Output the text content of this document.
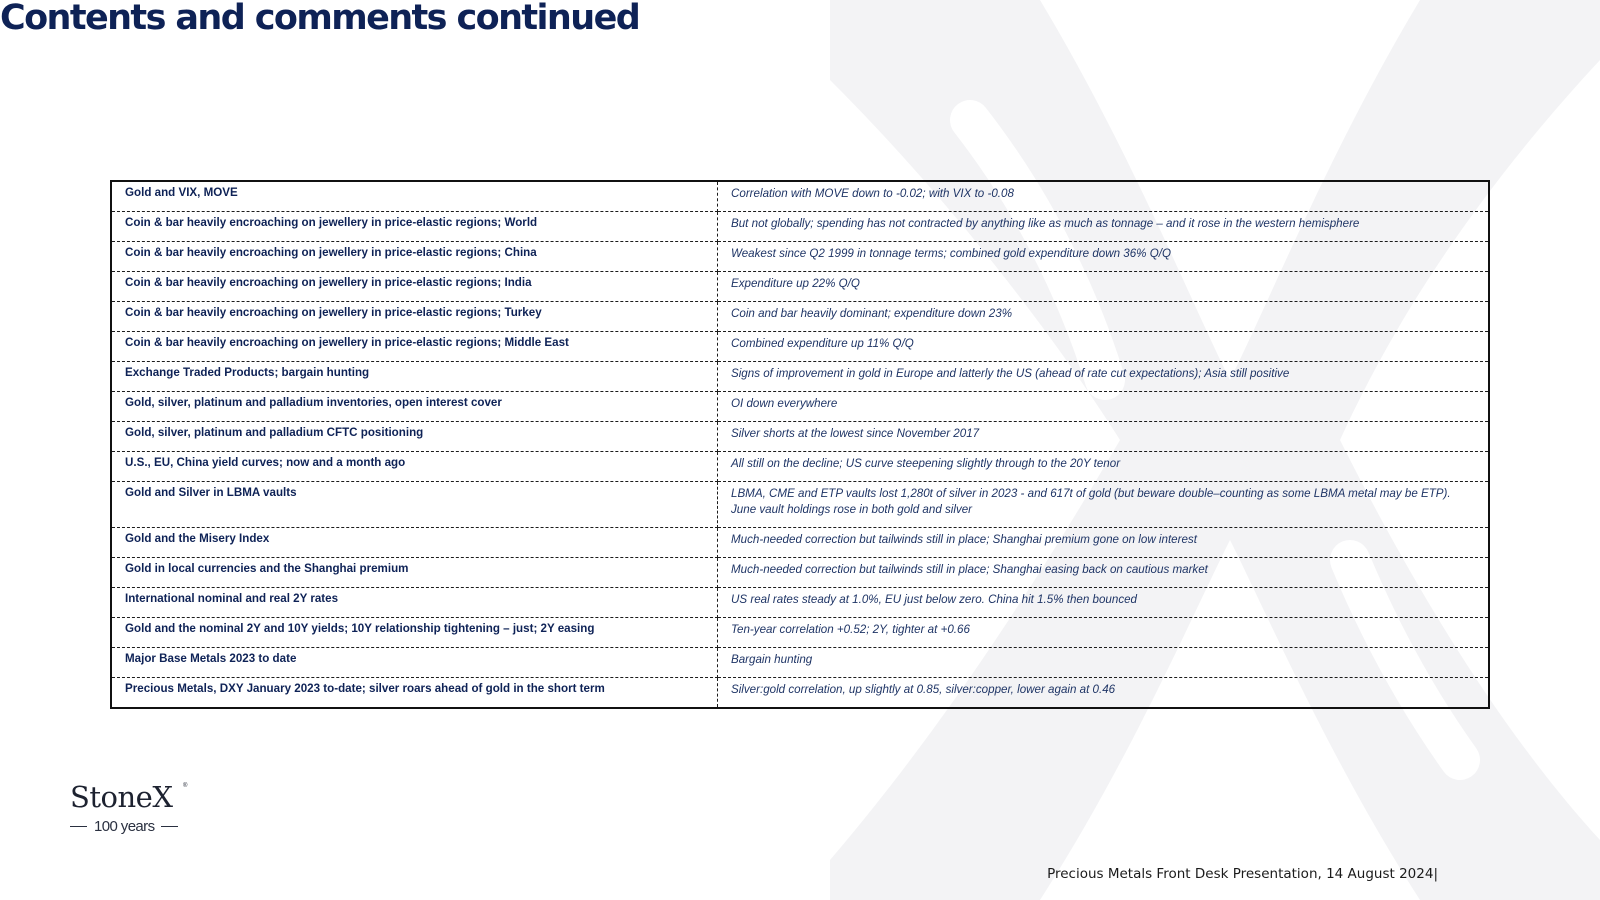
Contents and comments continued
Gold and VIX, MOVE	Correlation with MOVE down to -0.02; with VIX to -0.08
Coin & bar heavily encroaching on jewellery in price-elastic regions; World	But not globally; spending has not contracted by anything like as much as tonnage – and it rose in the western hemisphere
Coin & bar heavily encroaching on jewellery in price-elastic regions; China	Weakest since Q2 1999 in tonnage terms; combined gold expenditure down 36% Q/Q
Coin & bar heavily encroaching on jewellery in price-elastic regions; India	Expenditure up 22% Q/Q
Coin & bar heavily encroaching on jewellery in price-elastic regions; Turkey	Coin and bar heavily dominant; expenditure down 23%
Coin & bar heavily encroaching on jewellery in price-elastic regions; Middle East	Combined expenditure up 11% Q/Q
Exchange Traded Products; bargain hunting	Signs of improvement in gold in Europe and latterly the US (ahead of rate cut expectations); Asia still positive
Gold, silver, platinum and palladium inventories, open interest cover	OI down everywhere
Gold, silver, platinum and palladium CFTC positioning	Silver shorts at the lowest since November 2017
U.S., EU, China yield curves; now and a month ago	All still on the decline; US curve steepening slightly through to the 20Y tenor
Gold and Silver in LBMA vaults	LBMA, CME and ETP vaults lost 1,280t of silver in 2023 - and 617t of gold (but beware double–counting as some LBMA metal may be ETP). June vault holdings rose in both gold and silver
Gold and the Misery Index	Much-needed correction but tailwinds still in place; Shanghai premium gone on low interest
Gold in local currencies and the Shanghai premium	Much-needed correction but tailwinds still in place; Shanghai easing back on cautious market
International nominal and real 2Y rates	US real rates steady at 1.0%, EU just below zero. China hit 1.5% then bounced
Gold and the nominal 2Y and 10Y yields; 10Y relationship tightening – just; 2Y easing	Ten-year correlation +0.52; 2Y, tighter at +0.66
Major Base Metals 2023 to date	Bargain hunting
Precious Metals, DXY January 2023 to-date; silver roars ahead of gold in the short term	Silver:gold correlation, up slightly at 0.85, silver:copper, lower again at 0.46
StoneX	®
100 years
Precious Metals Front Desk Presentation, 14 August 2024|
